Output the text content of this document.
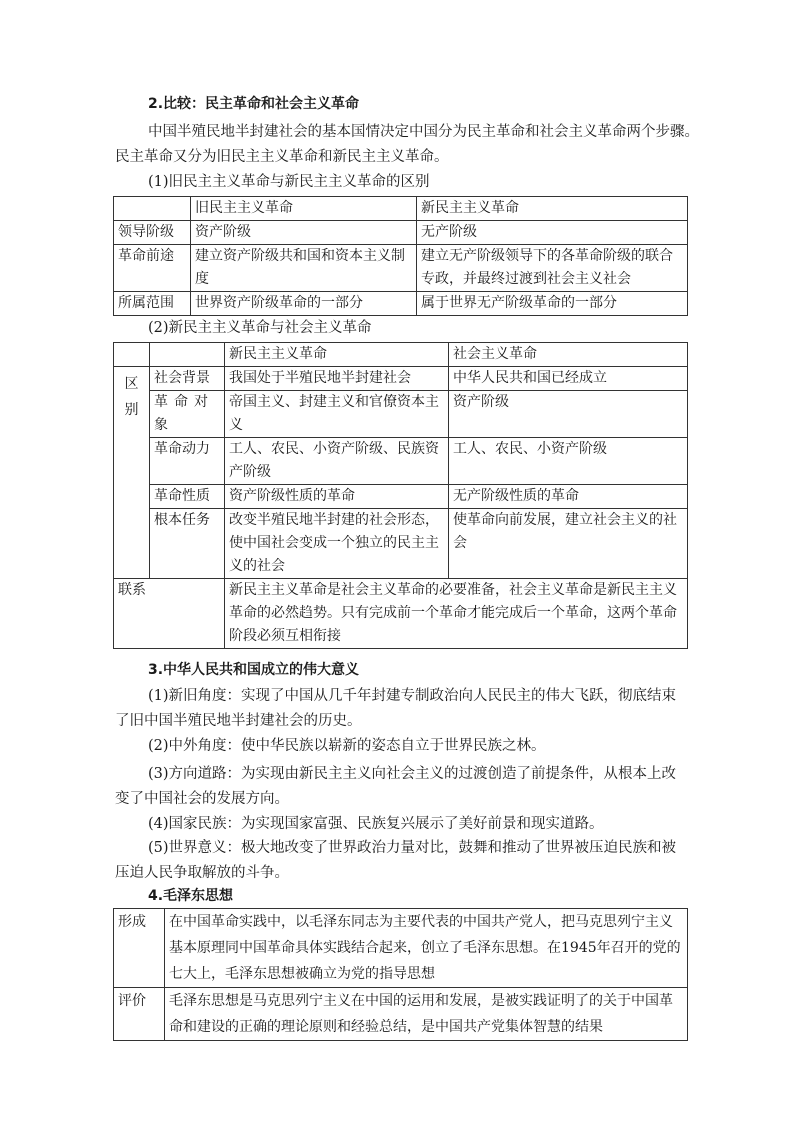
2.比较：民主革命和社会主义革命
中国半殖民地半封建社会的基本国情决定中国分为民主革命和社会主义革命两个步骤。
民主革命又分为旧民主主义革命和新民主主义革命。
(1)旧民主主义革命与新民主主义革命的区别
	旧民主主义革命	新民主主义革命
领导阶级	资产阶级	无产阶级
革命前途	建立资产阶级共和国和资本主义制度	建立无产阶级领导下的各革命阶级的联合专政，并最终过渡到社会主义社会
所属范围	世界资产阶级革命的一部分	属于世界无产阶级革命的一部分
(2)新民主主义革命与社会主义革命
		新民主主义革命	社会主义革命
区别	社会背景	我国处于半殖民地半封建社会	中华人民共和国已经成立
	革命对象	帝国主义、封建主义和官僚资本主义	资产阶级
	革命动力	工人、农民、小资产阶级、民族资产阶级	工人、农民、小资产阶级
	革命性质	资产阶级性质的革命	无产阶级性质的革命
	根本任务	改变半殖民地半封建的社会形态，使中国社会变成一个独立的民主主义的社会	使革命向前发展，建立社会主义的社会
联系		新民主主义革命是社会主义革命的必要准备，社会主义革命是新民主主义革命的必然趋势。只有完成前一个革命才能完成后一个革命，这两个革命阶段必须互相衔接	
3.中华人民共和国成立的伟大意义
(1)新旧角度：实现了中国从几千年封建专制政治向人民民主的伟大飞跃，彻底结束了旧中国半殖民地半封建社会的历史。
(2)中外角度：使中华民族以崭新的姿态自立于世界民族之林。
(3)方向道路：为实现由新民主主义向社会主义的过渡创造了前提条件，从根本上改变了中国社会的发展方向。
(4)国家民族：为实现国家富强、民族复兴展示了美好前景和现实道路。
(5)世界意义：极大地改变了世界政治力量对比，鼓舞和推动了世界被压迫民族和被压迫人民争取解放的斗争。
4.毛泽东思想
形成	在中国革命实践中，以毛泽东同志为主要代表的中国共产党人，把马克思列宁主义基本原理同中国革命具体实践结合起来，创立了毛泽东思想。在1945年召开的党的七大上，毛泽东思想被确立为党的指导思想
评价	毛泽东思想是马克思列宁主义在中国的运用和发展，是被实践证明了的关于中国革命和建设的正确的理论原则和经验总结，是中国共产党集体智慧的结果
